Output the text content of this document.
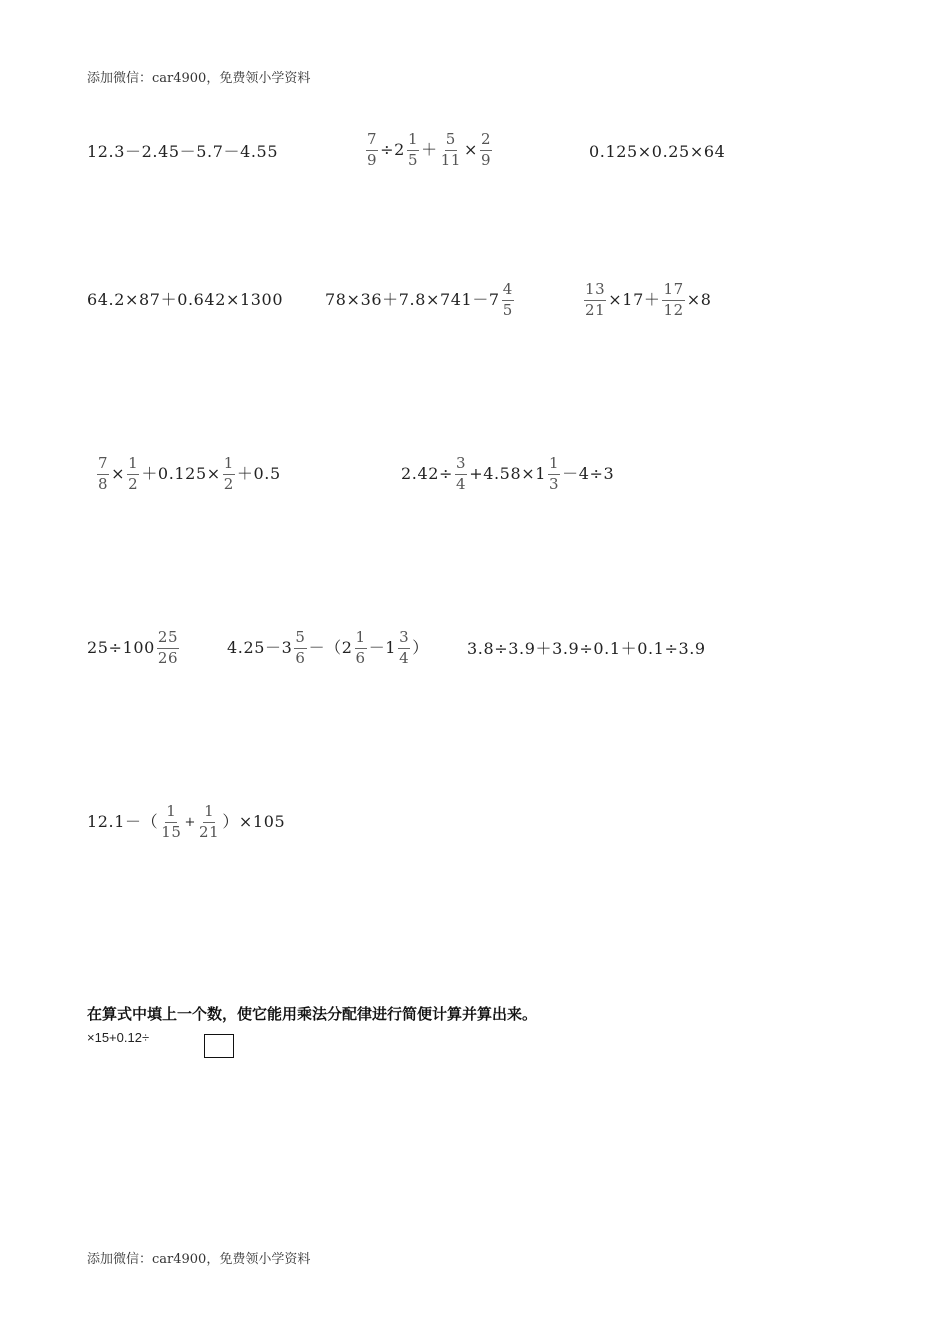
添加微信：car4900，免费领小学资料
12.3－2.45－5.7－4.55	$\frac{7}{9} \div 2 \frac{1}{5} + \frac{5}{11} \times \frac{2}{9}$	0.125×0.25×64
64.2×87＋0.642×1300	$78\times 36+7.8\times 741-7 \frac{4}{5}$	$\frac{13}{21} \times 17+ \frac{17}{12} \times 8$
$\frac{7}{8} \times \frac{1}{2} +0.125\times \frac{1}{2} +0.5$	$2.42\div \frac{3}{4} +4.58\times 1 \frac{1}{3} -4\div 3$
$25\div 100 \frac{25}{26}$	$4.25-3 \frac{5}{6} -(2 \frac{1}{6} -1 \frac{3}{4}$ ） 3.8÷3.9＋3.9÷0.1＋0.1÷3.9
$12.1-( \frac{1}{15} + \frac{1}{21} )\times 105$
在算式中填上一个数，使它能用乘法分配律进行简便计算并算出来。
×15+0.12÷
添加微信：car4900，免费领小学资料
